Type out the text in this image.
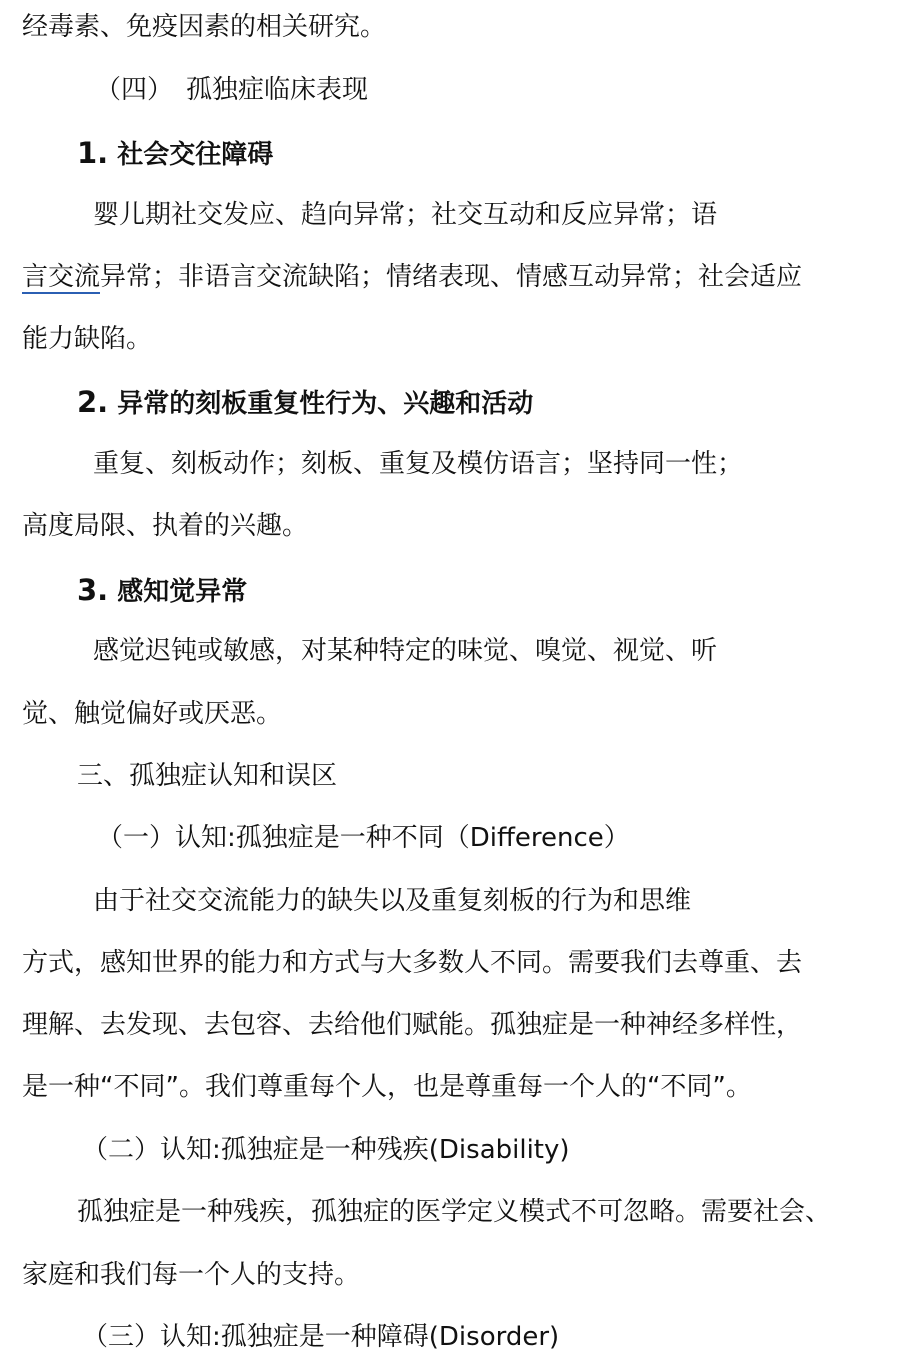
经毒素、免疫因素的相关研究。
（四）　孤独症临床表现
1. 社会交往障碍
婴儿期社交发应、趋向异常；社交互动和反应异常；语
言交流异常；非语言交流缺陷；情绪表现、情感互动异常；社会适应
能力缺陷。
2. 异常的刻板重复性行为、兴趣和活动
重复、刻板动作；刻板、重复及模仿语言；坚持同一性；
高度局限、执着的兴趣。
3. 感知觉异常
感觉迟钝或敏感，对某种特定的味觉、嗅觉、视觉、听
觉、触觉偏好或厌恶。
三、孤独症认知和误区
（一）认知:孤独症是一种不同（Difference）
由于社交交流能力的缺失以及重复刻板的行为和思维
方式，感知世界的能力和方式与大多数人不同。需要我们去尊重、去
理解、去发现、去包容、去给他们赋能。孤独症是一种神经多样性，
是一种“不同”。我们尊重每个人，也是尊重每一个人的“不同”。
（二）认知:孤独症是一种残疾(Disability)
孤独症是一种残疾，孤独症的医学定义模式不可忽略。需要社会、
家庭和我们每一个人的支持。
（三）认知:孤独症是一种障碍(Disorder)
